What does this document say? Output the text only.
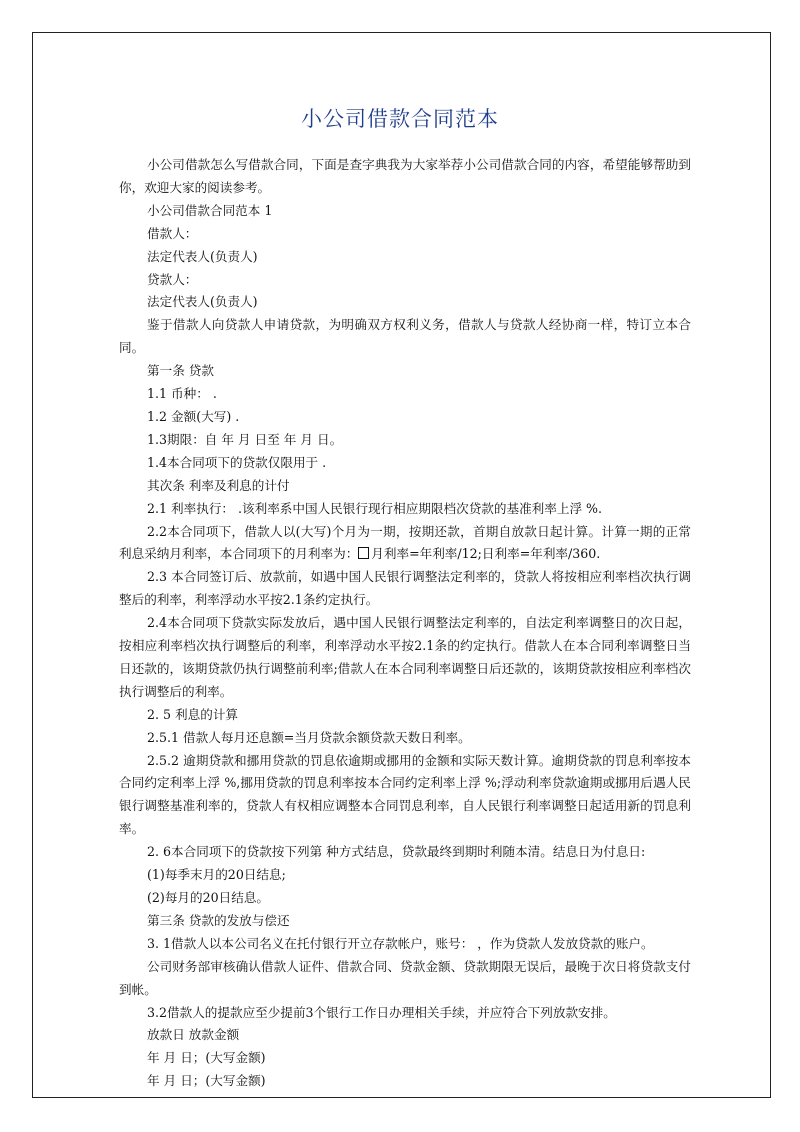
小公司借款合同范本

小公司借款怎么写借款合同，下面是查字典我为大家举荐小公司借款合同的内容，希望能够帮助到你，欢迎大家的阅读参考。

小公司借款合同范本 1

借款人：

法定代表人(负责人)

贷款人：

法定代表人(负责人)

鉴于借款人向贷款人申请贷款，为明确双方权利义务，借款人与贷款人经协商一样，特订立本合同。

第一条 贷款

1.1 币种： .

1.2 金额(大写) .

1.3期限：自 年 月 日至 年 月 日。

1.4本合同项下的贷款仅限用于 .

其次条 利率及利息的计付

2.1 利率执行： .该利率系中国人民银行现行相应期限档次贷款的基准利率上浮 %.

2.2本合同项下，借款人以(大写)个月为一期，按期还款，首期自放款日起计算。计算一期的正常利息采纳月利率，本合同项下的月利率为： 月利率=年利率/12;日利率=年利率/360.

2.3 本合同签订后、放款前，如遇中国人民银行调整法定利率的，贷款人将按相应利率档次执行调整后的利率，利率浮动水平按2.1条约定执行。

2.4本合同项下贷款实际发放后，遇中国人民银行调整法定利率的，自法定利率调整日的次日起，按相应利率档次执行调整后的利率，利率浮动水平按2.1条的约定执行。借款人在本合同利率调整日当日还款的，该期贷款仍执行调整前利率;借款人在本合同利率调整日后还款的，该期贷款按相应利率档次执行调整后的利率。

2. 5 利息的计算

2.5.1 借款人每月还息额=当月贷款余额贷款天数日利率。

2.5.2 逾期贷款和挪用贷款的罚息依逾期或挪用的金额和实际天数计算。逾期贷款的罚息利率按本合同约定利率上浮 %,挪用贷款的罚息利率按本合同约定利率上浮 %;浮动利率贷款逾期或挪用后遇人民银行调整基准利率的，贷款人有权相应调整本合同罚息利率，自人民银行利率调整日起适用新的罚息利率。

2. 6本合同项下的贷款按下列第 种方式结息，贷款最终到期时利随本清。结息日为付息日:

(1)每季末月的20日结息;

(2)每月的20日结息。

第三条 贷款的发放与偿还

3. 1借款人以本公司名义在托付银行开立存款帐户，账号： ，作为贷款人发放贷款的账户。

公司财务部审核确认借款人证件、借款合同、贷款金额、贷款期限无误后，最晚于次日将贷款支付到帐。

3.2借款人的提款应至少提前3个银行工作日办理相关手续，并应符合下列放款安排。

放款日 放款金额

年 月 日；(大写金额)

年 月 日；(大写金额)
